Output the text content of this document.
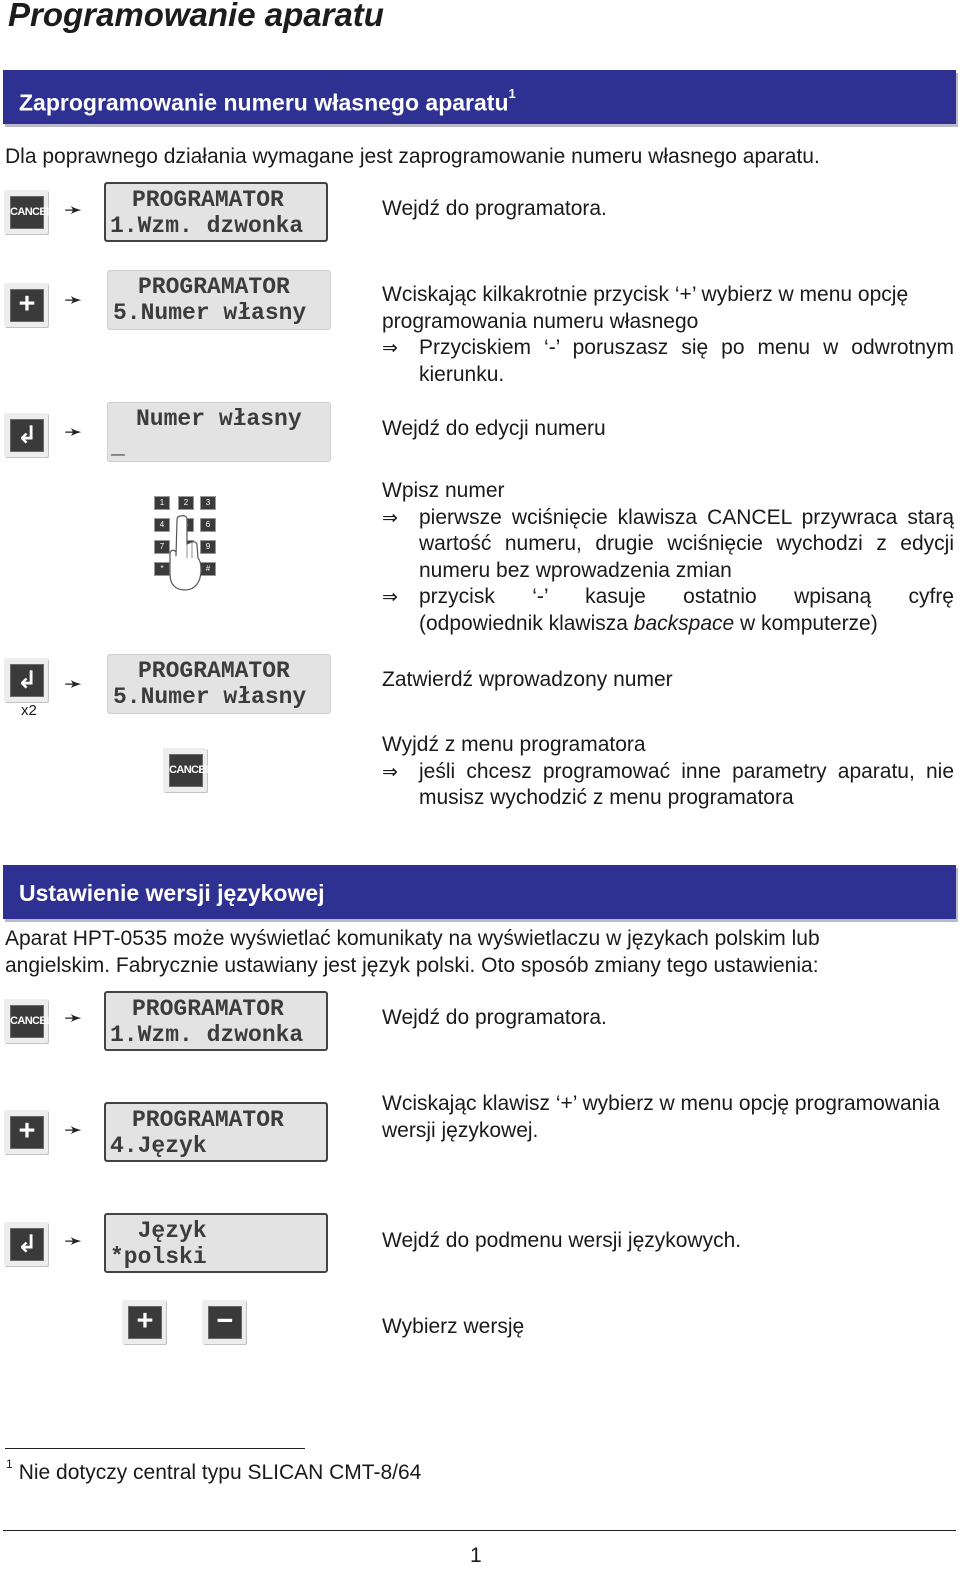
Programowanie aparatu
Zaprogramowanie numeru własnego aparatu$^1$

Dla poprawnego działania wymagane jest zaprogramowanie numeru własnego aparatu.

CANCEL ➛ PROGRAMATOR
1.Wzm. dzwonka

Wejdź do programatora.

+	➛
PROGRAMATOR
5.Numer własny
Wciskając kilkakrotnie przycisk ‘+’ wybierz w menu opcję programowania numeru własnego
⇒ Przyciskiem ‘-’ poruszasz się po menu w odwrotnym kierunku.
↲	➛
Numer własny
_

Wejdź do edycji numeru

1	2	3
4	6
7	9
*	#
Wpisz numer
⇒ pierwsze wciśnięcie klawisza CANCEL przywraca starą wartość numeru, drugie wciśnięcie wychodzi z edycji numeru bez wprowadzenia zmian
⇒ przycisk ‘-’ kasuje ostatnio wpisaną cyfrę
(odpowiednik klawisza backspace w komputerze)
↲
x2
➛
PROGRAMATOR
5.Numer własny

Zatwierdź wprowadzony numer

CANCEL
Wyjdź z menu programatora
⇒ jeśli chcesz programować inne parametry aparatu, nie musisz wychodzić z menu programatora
Ustawienie wersji językowej

Aparat HPT-0535 może wyświetlać komunikaty na wyświetlaczu w językach polskim lub
angielskim. Fabrycznie ustawiany jest język polski. Oto sposób zmiany tego ustawienia:

CANCEL ➛ PROGRAMATOR
1.Wzm. dzwonka

Wejdź do programatora.

+	➛ PROGRAMATOR
4.Język

Wciskając klawisz ‘+’ wybierz w menu opcję programowania wersji językowej.

↲	➛ Język
*polski

Wejdź do podmenu wersji językowych.

+ −	Wybierz wersję

$^1$ Nie dotyczy central typu SLICAN CMT-8/64
1
